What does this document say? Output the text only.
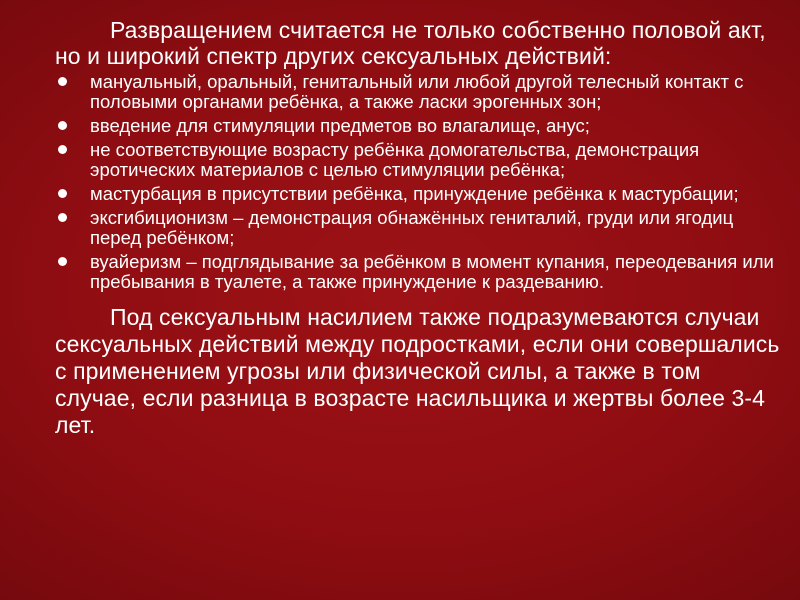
Развращением считается не только собственно половой акт, но и широкий спектр других сексуальных действий:

мануальный, оральный, генитальный или любой другой телесный контакт с половыми органами ребёнка, а также ласки эрогенных зон;
введение для стимуляции предметов во влагалище, анус;
не соответствующие возрасту ребёнка домогательства, демонстрация эротических материалов с целью стимуляции ребёнка;
мастурбация в присутствии ребёнка, принуждение ребёнка к мастурбации;
эксгибиционизм – демонстрация обнажённых гениталий, груди или ягодиц перед ребёнком;
вуайеризм – подглядывание за ребёнком в момент купания, переодевания или пребывания в туалете, а также принуждение к раздеванию.

Под сексуальным насилием также подразумеваются случаи сексуальных действий между подростками, если они совершались с применением угрозы или физической силы, а также в том случае, если разница в возрасте насильщика и жертвы более 3-4 лет.
